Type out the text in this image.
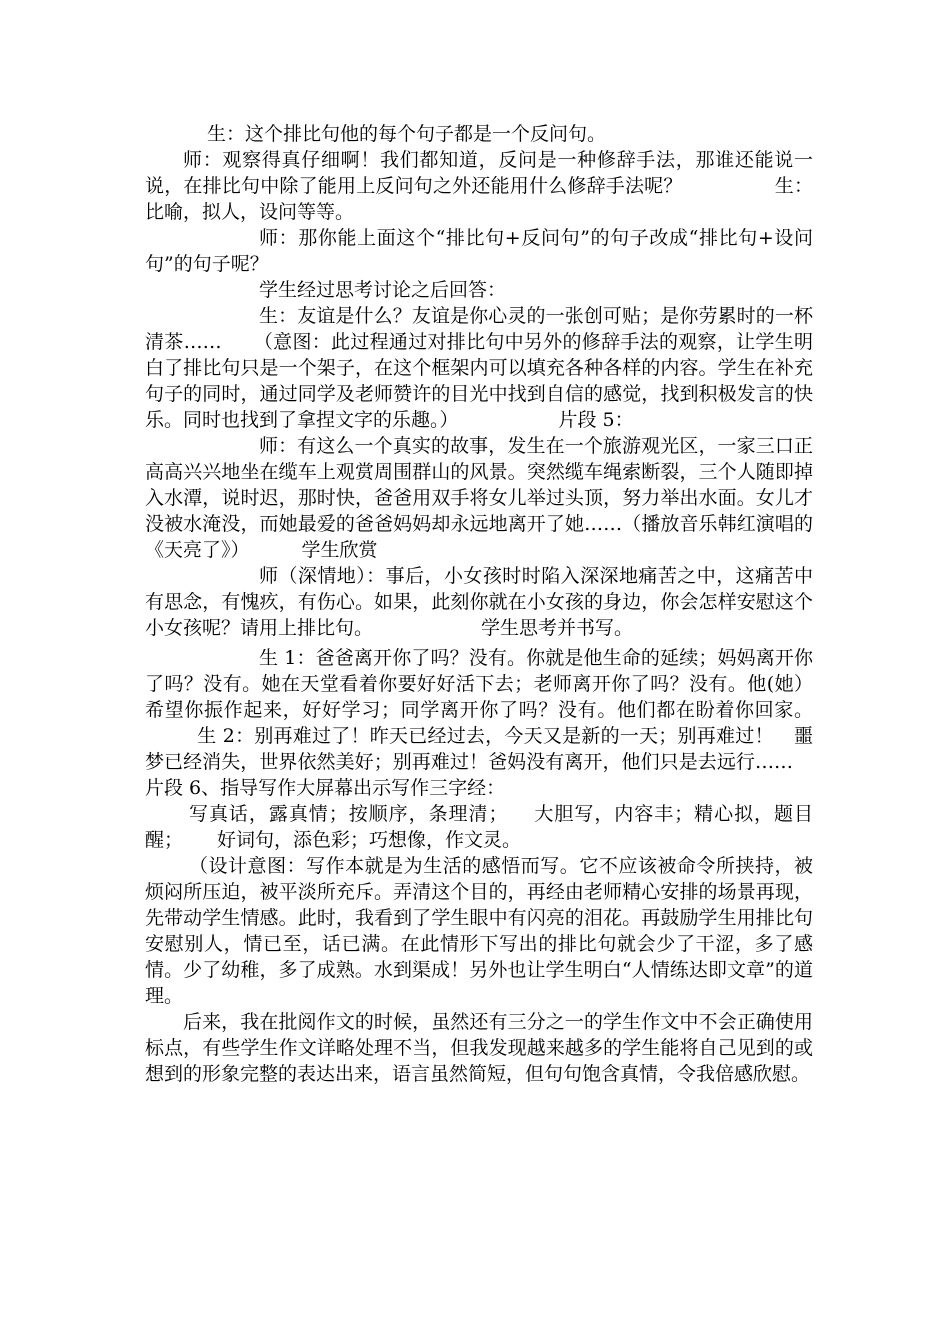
生：这个排比句他的每个句子都是一个反问句。

师：观察得真仔细啊！我们都知道，反问是一种修辞手法，那谁还能说一说，在排比句中除了能用上反问句之外还能用什么修辞手法呢？	生：比喻，拟人，设问等等。

师：那你能上面这个“排比句+反问句”的句子改成“排比句+设问句”的句子呢？

学生经过思考讨论之后回答：

生：友谊是什么？友谊是你心灵的一张创可贴；是你劳累时的一杯清茶…… （意图：此过程通过对排比句中另外的修辞手法的观察，让学生明白了排比句只是一个架子，在这个框架内可以填充各种各样的内容。学生在补充句子的同时，通过同学及老师赞许的目光中找到自信的感觉，找到积极发言的快乐。同时也找到了拿捏文字的乐趣。）	片段 5：

师：有这么一个真实的故事，发生在一个旅游观光区，一家三口正高高兴兴地坐在缆车上观赏周围群山的风景。突然缆车绳索断裂，三个人随即掉入水潭，说时迟，那时快，爸爸用双手将女儿举过头顶，努力举出水面。女儿才没被水淹没，而她最爱的爸爸妈妈却永远地离开了她……（播放音乐韩红演唱的《天亮了》）	学生欣赏

师（深情地）：事后，小女孩时时陷入深深地痛苦之中，这痛苦中有思念，有愧疚，有伤心。如果，此刻你就在小女孩的身边，你会怎样安慰这个小女孩呢？请用上排比句。	学生思考并书写。

生 1：爸爸离开你了吗？没有。你就是他生命的延续；妈妈离开你了吗？没有。她在天堂看着你要好好活下去；老师离开你了吗？没有。他(她）希望你振作起来，好好学习；同学离开你了吗？没有。他们都在盼着你回家。生 2：别再难过了！昨天已经过去，今天又是新的一天；别再难过！ 噩梦已经消失，世界依然美好；别再难过！爸妈没有离开，他们只是去远行……片段 6、指导写作大屏幕出示写作三字经：

写真话，露真情；按顺序，条理清； 大胆写，内容丰；精心拟，题目醒； 好词句，添色彩；巧想像，作文灵。

（设计意图：写作本就是为生活的感悟而写。它不应该被命令所挟持，被烦闷所压迫，被平淡所充斥。弄清这个目的，再经由老师精心安排的场景再现，先带动学生情感。此时，我看到了学生眼中有闪亮的泪花。再鼓励学生用排比句安慰别人，情已至，话已满。在此情形下写出的排比句就会少了干涩，多了感情。少了幼稚，多了成熟。水到渠成！另外也让学生明白“人情练达即文章”的道理。

后来，我在批阅作文的时候，虽然还有三分之一的学生作文中不会正确使用标点，有些学生作文详略处理不当，但我发现越来越多的学生能将自己见到的或想到的形象完整的表达出来，语言虽然简短，但句句饱含真情，令我倍感欣慰。
